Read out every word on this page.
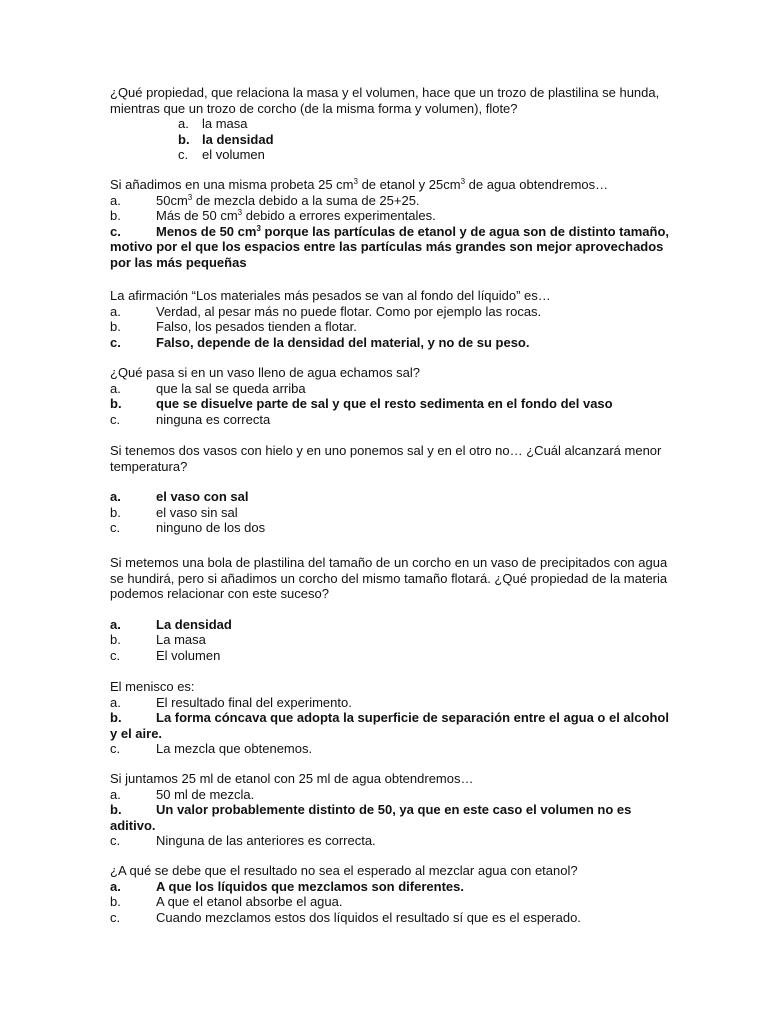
¿Qué propiedad, que relaciona la masa y el volumen, hace que un trozo de plastilina se hunda, mientras que un trozo de corcho (de la misma forma y volumen), flote?

a.	la masa
b. la densidad
c.	el volumen

Si añadimos en una misma probeta 25 $cm^3$ de etanol y $25cm^3$ de agua obtendremos…

a.	$50cm^3$ de mezcla debido a la suma de 25+25.
b.	Más de 50 $cm^3$ debido a errores experimentales.
c.	Menos de 50 $cm^3$ porque las partículas de etanol y de agua son de distinto tamaño, motivo por el que los espacios entre las partículas más grandes son mejor aprovechados por las más pequeñas

La afirmación “Los materiales más pesados se van al fondo del líquido” es…

a.	Verdad, al pesar más no puede flotar. Como por ejemplo las rocas.
b.	Falso, los pesados tienden a flotar.
c.	Falso, depende de la densidad del material, y no de su peso.

¿Qué pasa si en un vaso lleno de agua echamos sal?

a.	que la sal se queda arriba
b.	que se disuelve parte de sal y que el resto sedimenta en el fondo del vaso
c.	ninguna es correcta

Si tenemos dos vasos con hielo y en uno ponemos sal y en el otro no… ¿Cuál alcanzará menor temperatura?

a.	el vaso con sal
b.	el vaso sin sal
c.	ninguno de los dos

Si metemos una bola de plastilina del tamaño de un corcho en un vaso de precipitados con agua se hundirá, pero si añadimos un corcho del mismo tamaño flotará. ¿Qué propiedad de la materia podemos relacionar con este suceso?

a.	La densidad
b.	La masa
c.	El volumen

El menisco es:

a.	El resultado final del experimento.
b.	La forma cóncava que adopta la superficie de separación entre el agua o el alcohol y el aire.
c.	La mezcla que obtenemos.

Si juntamos 25 ml de etanol con 25 ml de agua obtendremos…

a.	50 ml de mezcla.
b.	Un valor probablemente distinto de 50, ya que en este caso el volumen no es aditivo.
c.	Ninguna de las anteriores es correcta.

¿A qué se debe que el resultado no sea el esperado al mezclar agua con etanol?

a.	A que los líquidos que mezclamos son diferentes.
b.	A que el etanol absorbe el agua.
c.	Cuando mezclamos estos dos líquidos el resultado sí que es el esperado.
